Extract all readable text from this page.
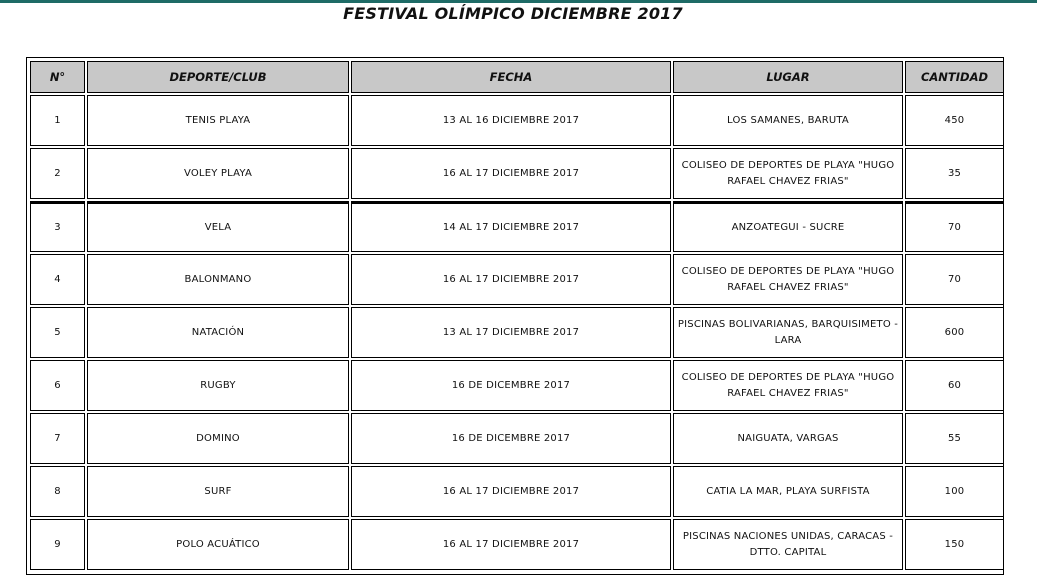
FESTIVAL OLÍMPICO DICIEMBRE 2017
N°	DEPORTE/CLUB	FECHA	LUGAR	CANTIDAD
1	TENIS PLAYA	13 AL 16 DICIEMBRE 2017	LOS SAMANES, BARUTA	450
2	VOLEY PLAYA	16 AL 17 DICIEMBRE 2017	COLISEO DE DEPORTES DE PLAYA "HUGO RAFAEL CHAVEZ FRIAS"	35
3	VELA	14 AL 17 DICIEMBRE 2017	ANZOATEGUI - SUCRE	70
4	BALONMANO	16 AL 17 DICIEMBRE 2017	COLISEO DE DEPORTES DE PLAYA "HUGO RAFAEL CHAVEZ FRIAS"	70
5	NATACIÓN	13 AL 17 DICIEMBRE 2017	PISCINAS BOLIVARIANAS, BARQUISIMETO - LARA	600
6	RUGBY	16 DE DICEMBRE 2017	COLISEO DE DEPORTES DE PLAYA "HUGO RAFAEL CHAVEZ FRIAS"	60
7	DOMINO	16 DE DICEMBRE 2017	NAIGUATA, VARGAS	55
8	SURF	16 AL 17 DICIEMBRE 2017	CATIA LA MAR, PLAYA SURFISTA	100
9	POLO ACUÁTICO	16 AL 17 DICIEMBRE 2017	PISCINAS NACIONES UNIDAS, CARACAS - DTTO. CAPITAL	150
